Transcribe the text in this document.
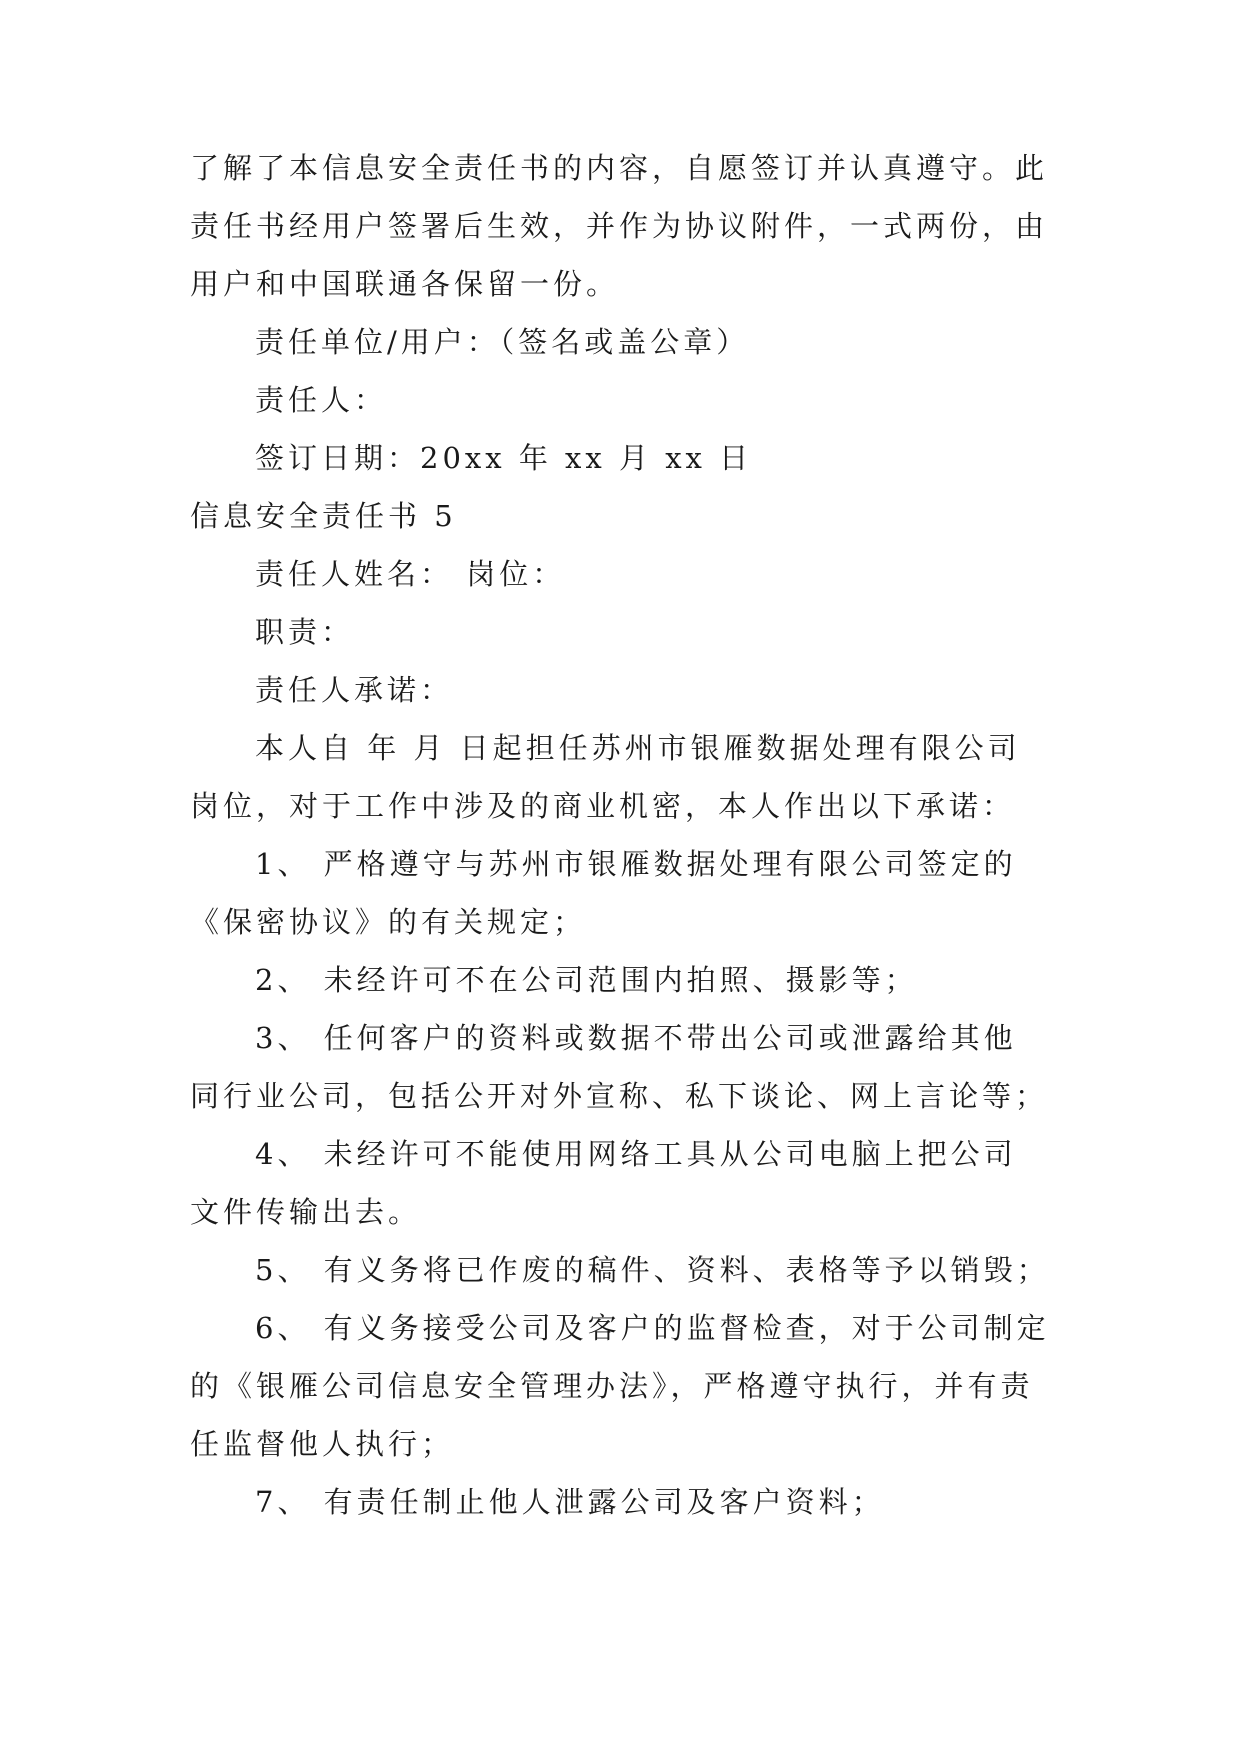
了解了本信息安全责任书的内容，自愿签订并认真遵守。此
责任书经用户签署后生效，并作为协议附件，一式两份，由
用户和中国联通各保留一份。
责任单位/用户：（签名或盖公章）
责任人：
签订日期：20xx 年 xx 月 xx 日
信息安全责任书 5
责任人姓名： 岗位：
职责：
责任人承诺：
本人自 年 月 日起担任苏州市银雁数据处理有限公司
岗位，对于工作中涉及的商业机密，本人作出以下承诺：
1、 严格遵守与苏州市银雁数据处理有限公司签定的
《保密协议》的有关规定；
2、 未经许可不在公司范围内拍照、摄影等；
3、 任何客户的资料或数据不带出公司或泄露给其他
同行业公司，包括公开对外宣称、私下谈论、网上言论等；
4、 未经许可不能使用网络工具从公司电脑上把公司
文件传输出去。
5、 有义务将已作废的稿件、资料、表格等予以销毁；
6、 有义务接受公司及客户的监督检查，对于公司制定
的《银雁公司信息安全管理办法》，严格遵守执行，并有责
任监督他人执行；
7、 有责任制止他人泄露公司及客户资料；
